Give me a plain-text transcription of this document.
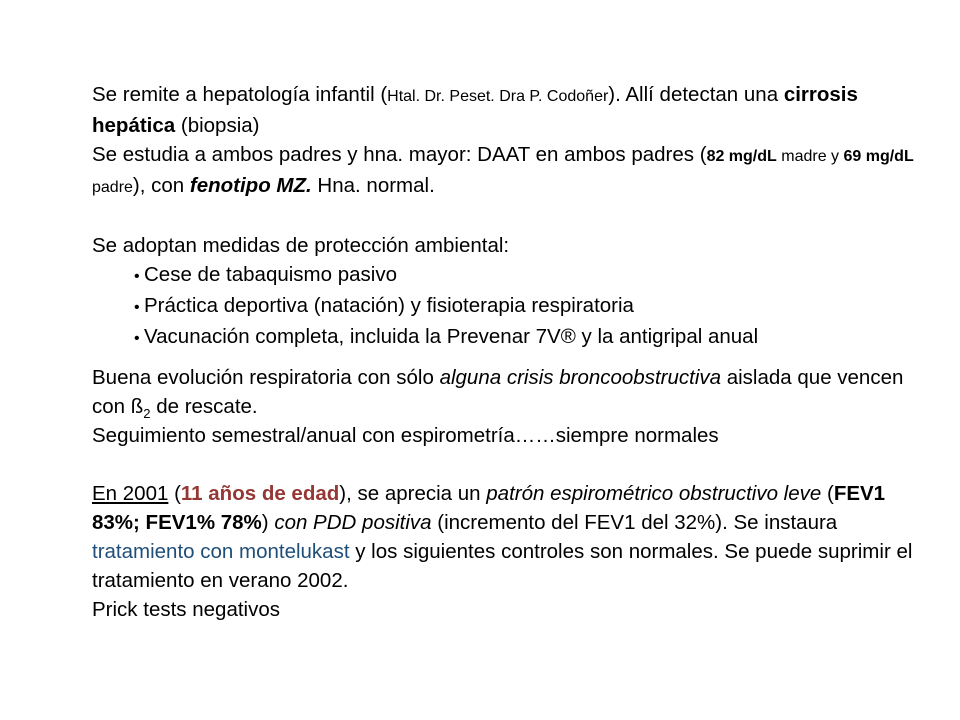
Se remite a hepatología infantil (Htal. Dr. Peset. Dra P. Codoñer). Allí detectan una cirrosis hepática (biopsia)

Se estudia a ambos padres y hna. mayor: DAAT en ambos padres (82 mg/dL madre y 69 mg/dL padre), con fenotipo MZ. Hna. normal.

Se adoptan medidas de protección ambiental:

• Cese de tabaquismo pasivo
• Práctica deportiva (natación) y fisioterapia respiratoria
• Vacunación completa, incluida la Prevenar 7V® y la antigripal anual

Buena evolución respiratoria con sólo alguna crisis broncoobstructiva aislada que vencen con $ß_2$ de rescate.

Seguimiento semestral/anual con espirometría……siempre normales

En 2001 (11 años de edad), se aprecia un patrón espirométrico obstructivo leve (FEV1 83%; FEV1% 78%) con PDD positiva (incremento del FEV1 del 32%). Se instaura tratamiento con montelukast y los siguientes controles son normales. Se puede suprimir el tratamiento en verano 2002.

Prick tests negativos
